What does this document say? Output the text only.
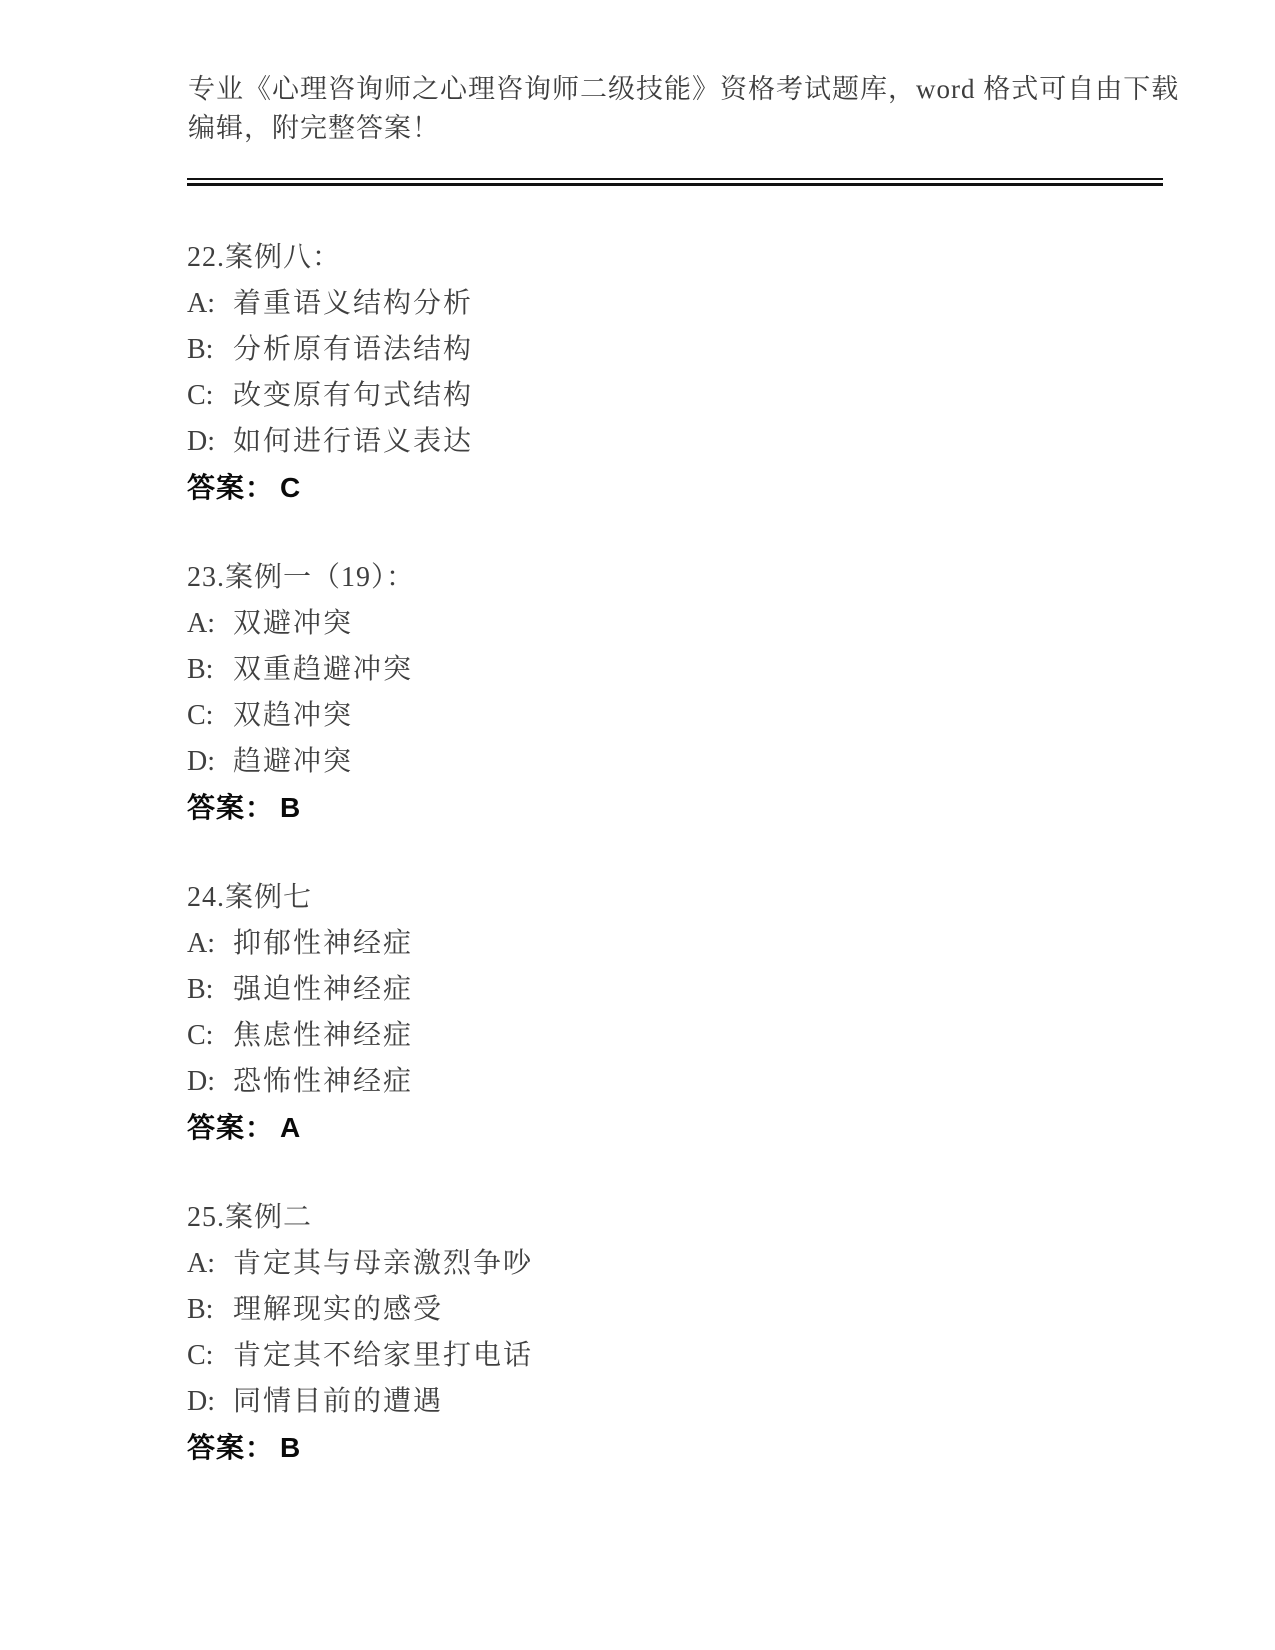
专业《心理咨询师之心理咨询师二级技能》资格考试题库，word 格式可自由下载
编辑，附完整答案！
22.案例八：
A: 着重语义结构分析
B: 分析原有语法结构
C: 改变原有句式结构
D: 如何进行语义表达
答案： C
23.案例一（19）：
A: 双避冲突
B: 双重趋避冲突
C: 双趋冲突
D: 趋避冲突
答案： B
24.案例七
A: 抑郁性神经症
B: 强迫性神经症
C: 焦虑性神经症
D: 恐怖性神经症
答案： A
25.案例二
A: 肯定其与母亲激烈争吵
B: 理解现实的感受
C: 肯定其不给家里打电话
D: 同情目前的遭遇
答案： B
